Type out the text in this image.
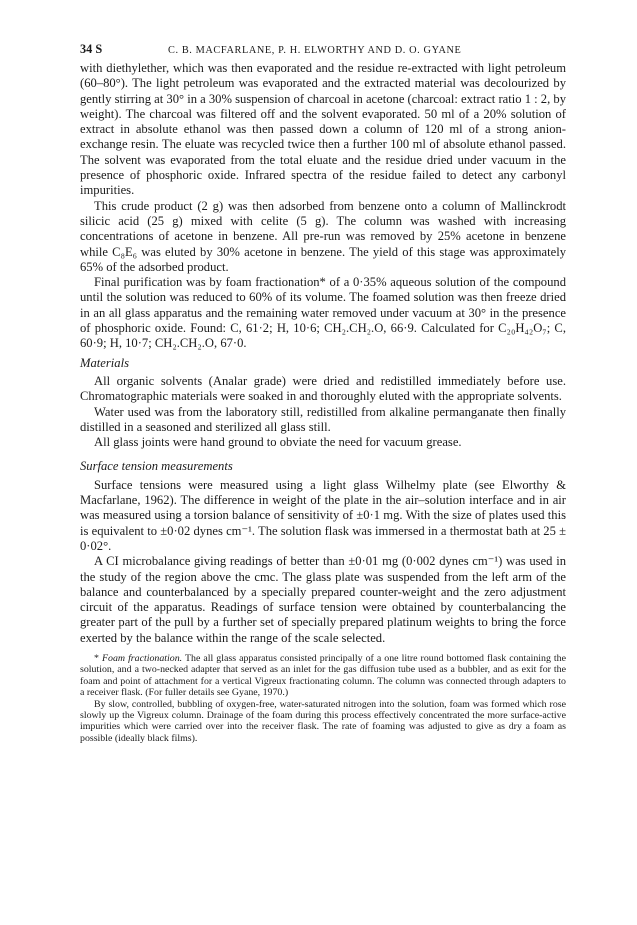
34 S	C. B. MACFARLANE, P. H. ELWORTHY AND D. O. GYANE

with diethylether, which was then evaporated and the residue re-extracted with light petroleum (60–80°). The light petroleum was evaporated and the extracted material was decolourized by gently stirring at 30° in a 30% suspension of charcoal in acetone (charcoal: extract ratio 1 : 2, by weight). The charcoal was filtered off and the solvent evaporated. 50 ml of a 20% solution of extract in absolute ethanol was then passed down a column of 120 ml of a strong anion-exchange resin. The eluate was recycled twice then a further 100 ml of absolute ethanol passed. The solvent was evaporated from the total eluate and the residue dried under vacuum in the presence of phosphoric oxide. Infrared spectra of the residue failed to detect any carbonyl impurities.

This crude product (2 g) was then adsorbed from benzene onto a column of Mallinckrodt silicic acid (25 g) mixed with celite (5 g). The column was washed with increasing concentrations of acetone in benzene. All pre-run was removed by 25% acetone in benzene while C₈E₆ was eluted by 30% acetone in benzene. The yield of this stage was approximately 65% of the adsorbed product.

Final purification was by foam fractionation* of a 0·35% aqueous solution of the compound until the solution was reduced to 60% of its volume. The foamed solution was then freeze dried in an all glass apparatus and the remaining water removed under vacuum at 30° in the presence of phosphoric oxide. Found: C, 61·2; H, 10·6; CH₂.CH₂.O, 66·9. Calculated for C₂₀H₄₂O₇; C, 60·9; H, 10·7; CH₂.CH₂.O, 67·0.

Materials

All organic solvents (Analar grade) were dried and redistilled immediately before use. Chromatographic materials were soaked in and thoroughly eluted with the appropriate solvents.

Water used was from the laboratory still, redistilled from alkaline permanganate then finally distilled in a seasoned and sterilized all glass still.

All glass joints were hand ground to obviate the need for vacuum grease.

Surface tension measurements

Surface tensions were measured using a light glass Wilhelmy plate (see Elworthy & Macfarlane, 1962). The difference in weight of the plate in the air–solution interface and in air was measured using a torsion balance of sensitivity of ±0·1 mg. With the size of plates used this is equivalent to ±0·02 dynes cm⁻¹. The solution flask was immersed in a thermostat bath at 25 ± 0·02°.

A CI microbalance giving readings of better than ±0·01 mg (0·002 dynes cm⁻¹) was used in the study of the region above the cmc. The glass plate was suspended from the left arm of the balance and counterbalanced by a specially prepared counter-weight and the zero adjustment circuit of the apparatus. Readings of surface tension were obtained by counterbalancing the greater part of the pull by a further set of specially prepared platinum weights to bring the force exerted by the balance within the range of the scale selected.

* Foam fractionation. The all glass apparatus consisted principally of a one litre round bottomed flask containing the solution, and a two-necked adapter that served as an inlet for the gas diffusion tube used as a bubbler, and as exit for the foam and point of attachment for a vertical Vigreux fractionating column. The column was connected through adapters to a receiver flask. (For fuller details see Gyane, 1970.)

By slow, controlled, bubbling of oxygen-free, water-saturated nitrogen into the solution, foam was formed which rose slowly up the Vigreux column. Drainage of the foam during this process effectively concentrated the more surface-active impurities which were carried over into the receiver flask. The rate of foaming was adjusted to give as dry a foam as possible (ideally black films).
